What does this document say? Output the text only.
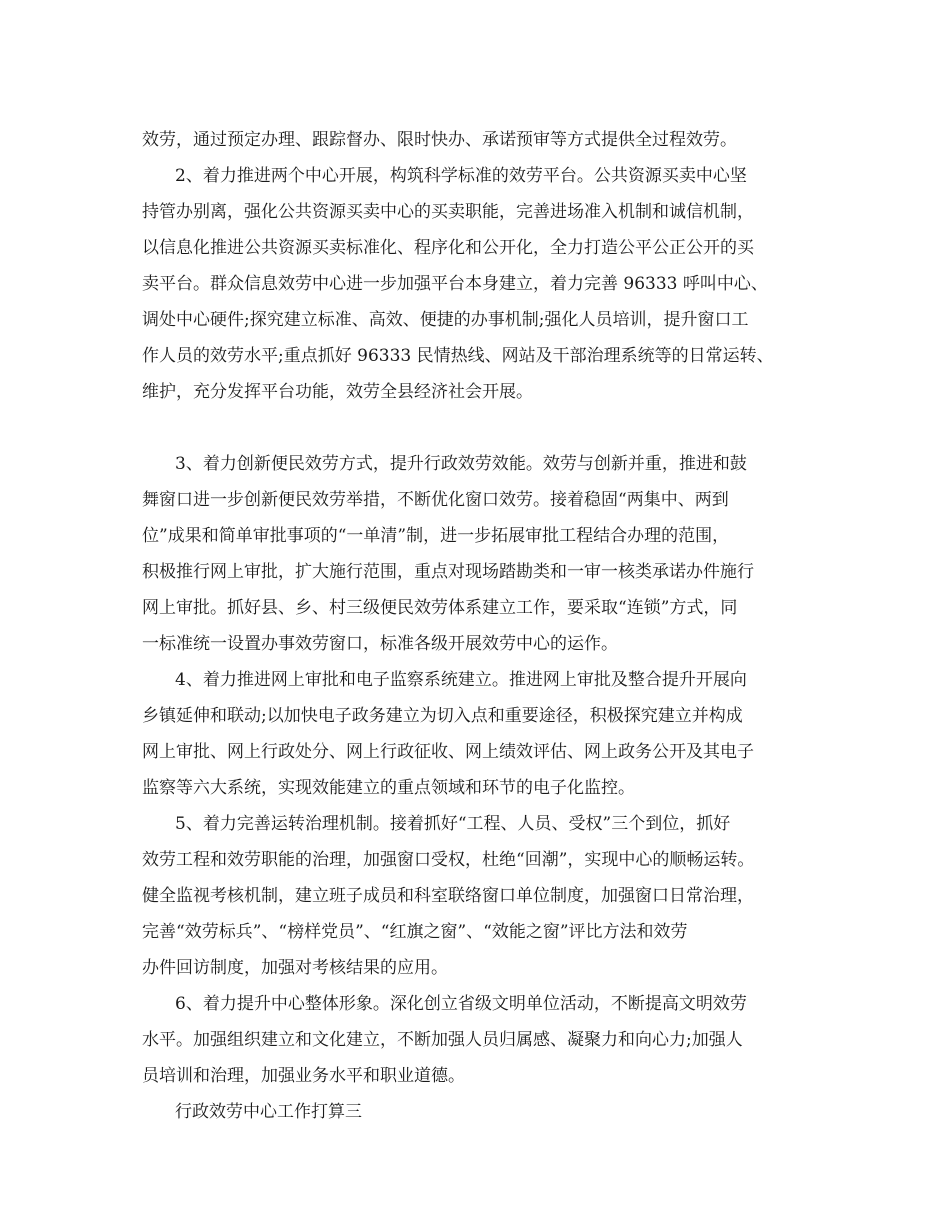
效劳，通过预定办理、跟踪督办、限时快办、承诺预审等方式提供全过程效劳。
2、着力推进两个中心开展，构筑科学标准的效劳平台。公共资源买卖中心坚
持管办别离，强化公共资源买卖中心的买卖职能，完善进场准入机制和诚信机制，
以信息化推进公共资源买卖标准化、程序化和公开化，全力打造公平公正公开的买
卖平台。群众信息效劳中心进一步加强平台本身建立，着力完善 96333 呼叫中心、
调处中心硬件;探究建立标准、高效、便捷的办事机制;强化人员培训，提升窗口工
作人员的效劳水平;重点抓好 96333 民情热线、网站及干部治理系统等的日常运转、
维护，充分发挥平台功能，效劳全县经济社会开展。
3、着力创新便民效劳方式，提升行政效劳效能。效劳与创新并重，推进和鼓
舞窗口进一步创新便民效劳举措，不断优化窗口效劳。接着稳固“两集中、两到
位”成果和简单审批事项的“一单清”制，进一步拓展审批工程结合办理的范围，
积极推行网上审批，扩大施行范围，重点对现场踏勘类和一审一核类承诺办件施行
网上审批。抓好县、乡、村三级便民效劳体系建立工作，要采取“连锁”方式，同
一标准统一设置办事效劳窗口，标准各级开展效劳中心的运作。
4、着力推进网上审批和电子监察系统建立。推进网上审批及整合提升开展向
乡镇延伸和联动;以加快电子政务建立为切入点和重要途径，积极探究建立并构成
网上审批、网上行政处分、网上行政征收、网上绩效评估、网上政务公开及其电子
监察等六大系统，实现效能建立的重点领域和环节的电子化监控。
5、着力完善运转治理机制。接着抓好“工程、人员、受权”三个到位，抓好
效劳工程和效劳职能的治理，加强窗口受权，杜绝“回潮”，实现中心的顺畅运转。
健全监视考核机制，建立班子成员和科室联络窗口单位制度，加强窗口日常治理，
完善“效劳标兵”、“榜样党员”、“红旗之窗”、“效能之窗”评比方法和效劳
办件回访制度，加强对考核结果的应用。
6、着力提升中心整体形象。深化创立省级文明单位活动，不断提高文明效劳
水平。加强组织建立和文化建立，不断加强人员归属感、凝聚力和向心力;加强人
员培训和治理，加强业务水平和职业道德。
行政效劳中心工作打算三
